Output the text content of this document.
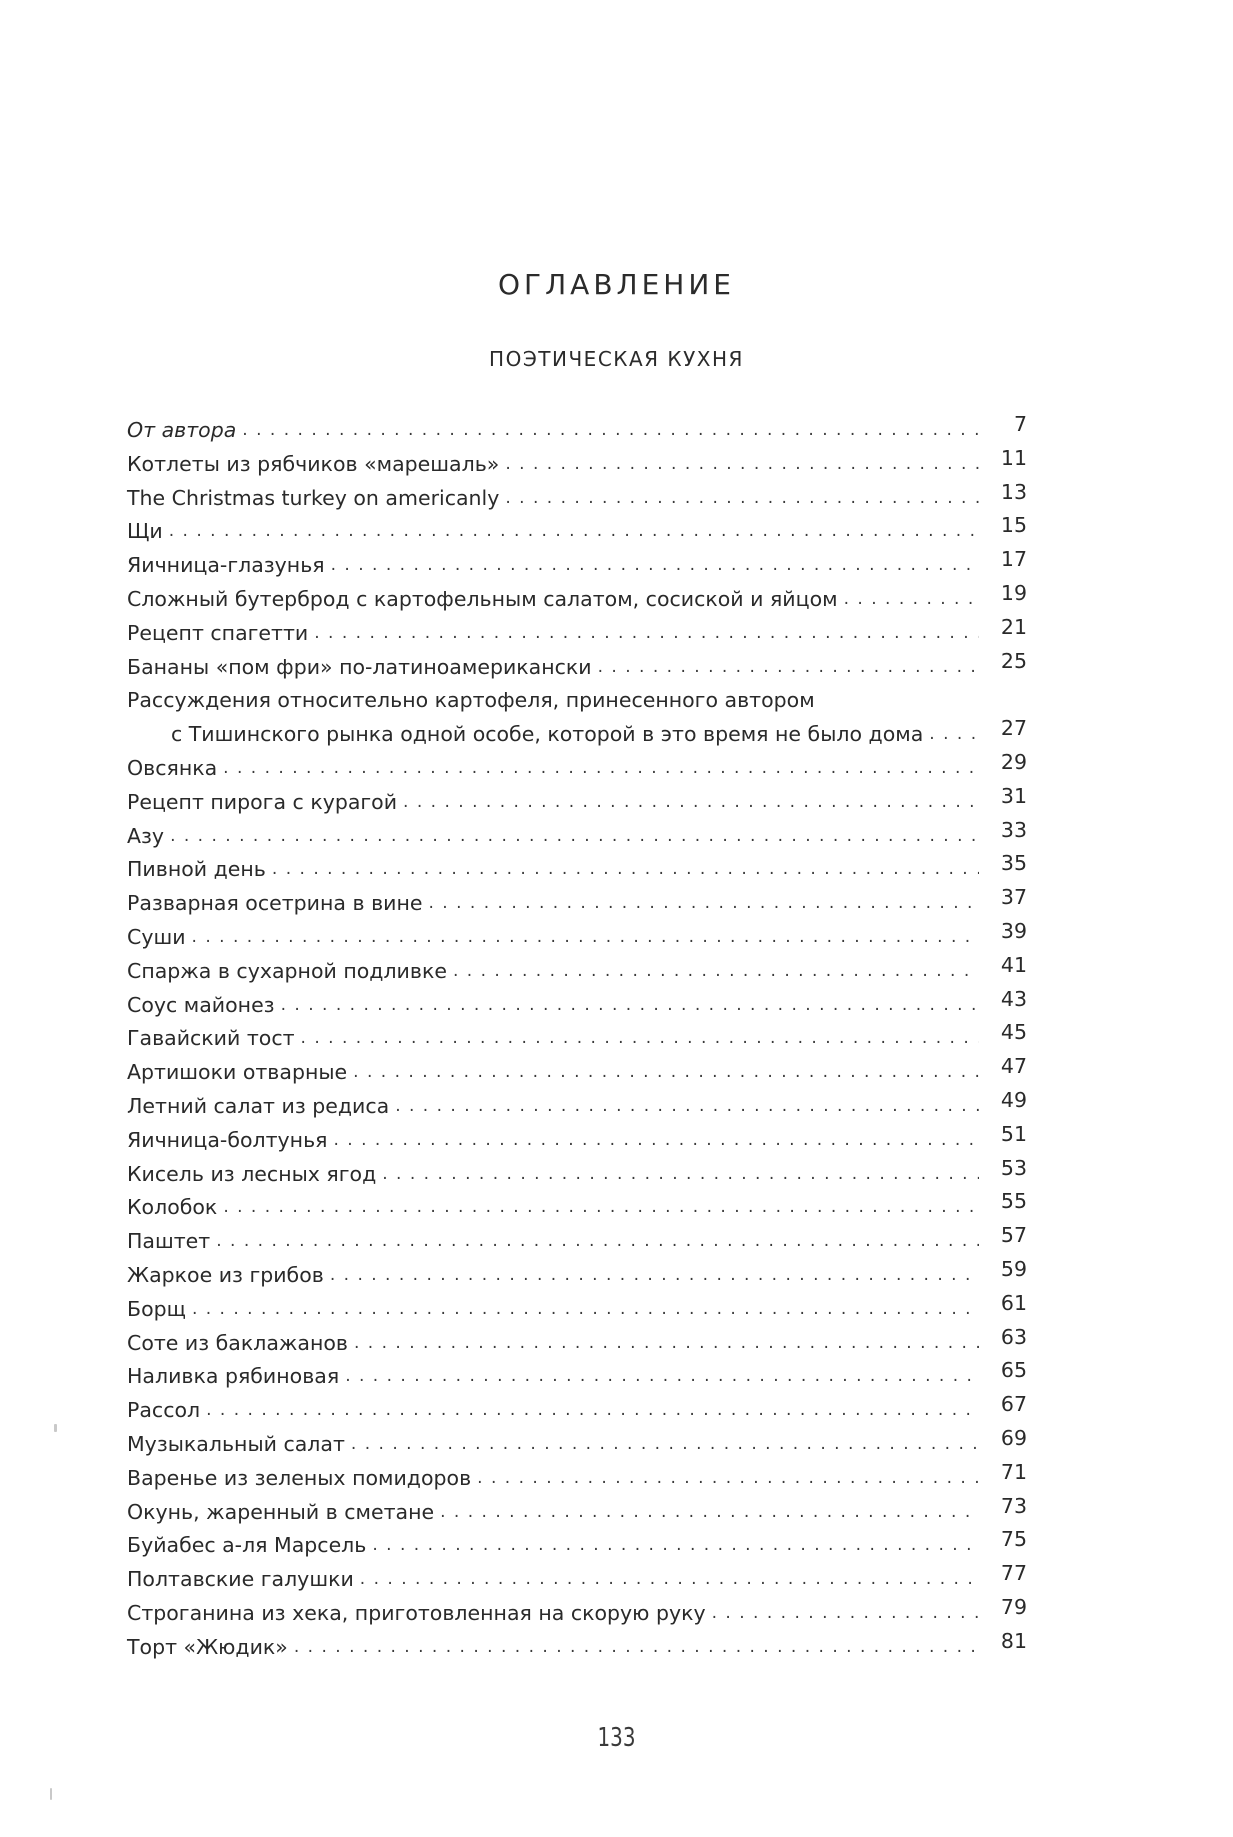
ОГЛАВЛЕНИЕ
ПОЭТИЧЕСКАЯ КУХНЯ
От автора . . .	7
Котлеты из рябчиков «марешаль» . . .	11
The Christmas turkey on americanly . . .	13
Щи . . .	15
Яичница-глазунья . . .	17
Сложный бутерброд с картофельным салатом, сосиской и яйцом . . .	19
Рецепт спагетти . . .	21
Бананы «пом фри» по-латиноамерикански . . .	25
Рассуждения относительно картофеля, принесенного автором
с Тишинского рынка одной особе, которой в это время не было дома . . .	27
Овсянка . . .	29
Рецепт пирога с курагой . . .	31
Азу . . .	33
Пивной день . . .	35
Разварная осетрина в вине . . .	37
Суши . . .	39
Спаржа в сухарной подливке . . .	41
Соус майонез . . .	43
Гавайский тост . . .	45
Артишоки отварные . . .	47
Летний салат из редиса . . .	49
Яичница-болтунья . . .	51
Кисель из лесных ягод . . .	53
Колобок . . .	55
Паштет . . .	57
Жаркое из грибов . . .	59
Борщ . . .	61
Соте из баклажанов . . .	63
Наливка рябиновая . . .	65
Рассол . . .	67
Музыкальный салат . . .	69
Варенье из зеленых помидоров . . .	71
Окунь, жаренный в сметане . . .	73
Буйабес а-ля Марсель . . .	75
Полтавские галушки . . .	77
Строганина из хека, приготовленная на скорую руку . . .	79
Торт «Жюдик» . . .	81
133
